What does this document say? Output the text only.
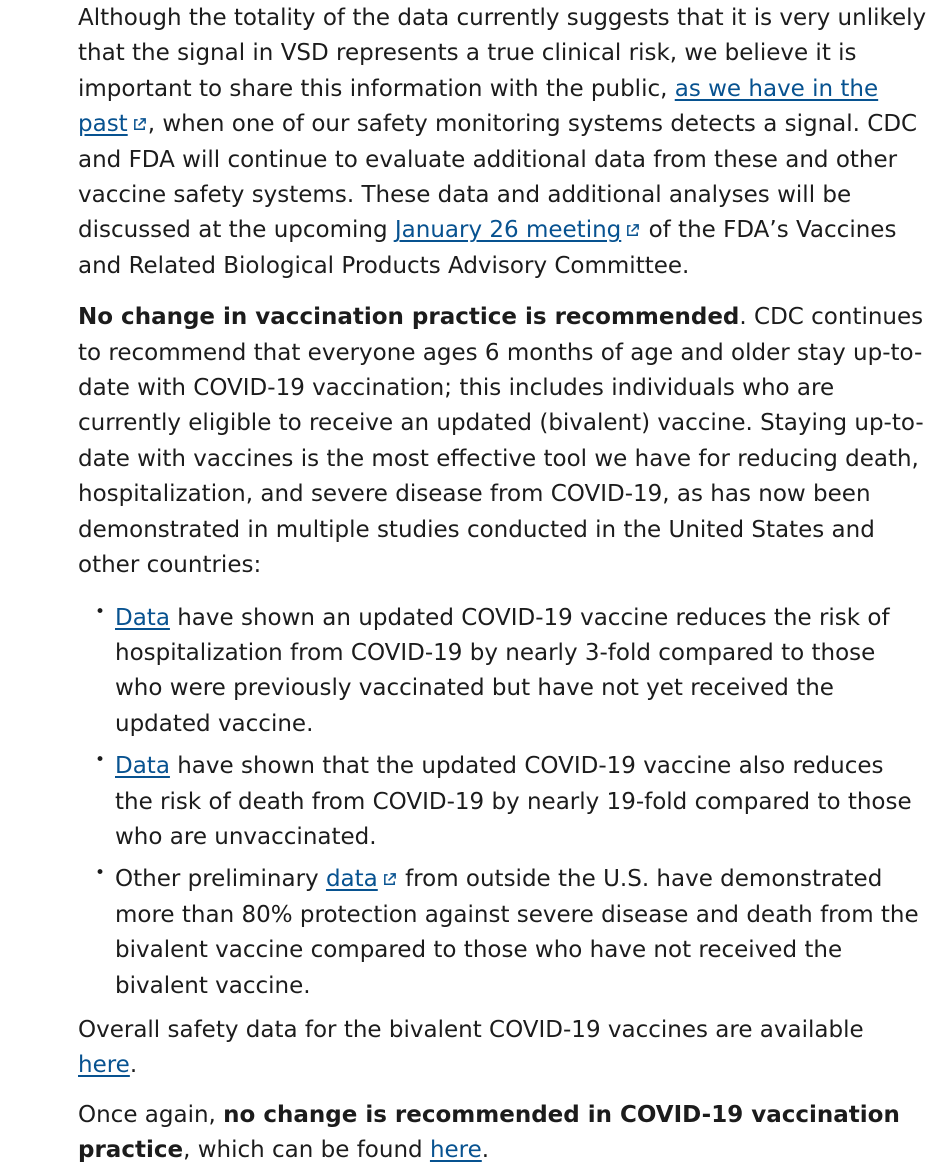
Although the totality of the data currently suggests that it is very unlikely that the signal in VSD represents a true clinical risk, we believe it is important to share this information with the public, as we have in the past , when one of our safety monitoring systems detects a signal. CDC and FDA will continue to evaluate additional data from these and other vaccine safety systems. These data and additional analyses will be discussed at the upcoming January 26 meeting of the FDA’s Vaccines and Related Biological Products Advisory Committee.

No change in vaccination practice is recommended. CDC continues to recommend that everyone ages 6 months of age and older stay up-to-date with COVID-19 vaccination; this includes individuals who are currently eligible to receive an updated (bivalent) vaccine. Staying up-to-date with vaccines is the most effective tool we have for reducing death, hospitalization, and severe disease from COVID-19, as has now been demonstrated in multiple studies conducted in the United States and other countries:

• Data have shown an updated COVID-19 vaccine reduces the risk of hospitalization from COVID-19 by nearly 3-fold compared to those who were previously vaccinated but have not yet received the updated vaccine.
• Data have shown that the updated COVID-19 vaccine also reduces the risk of death from COVID-19 by nearly 19-fold compared to those who are unvaccinated.
• Other preliminary data from outside the U.S. have demonstrated more than 80% protection against severe disease and death from the bivalent vaccine compared to those who have not received the bivalent vaccine.

Overall safety data for the bivalent COVID-19 vaccines are available here.

Once again, no change is recommended in COVID-19 vaccination practice, which can be found here.
